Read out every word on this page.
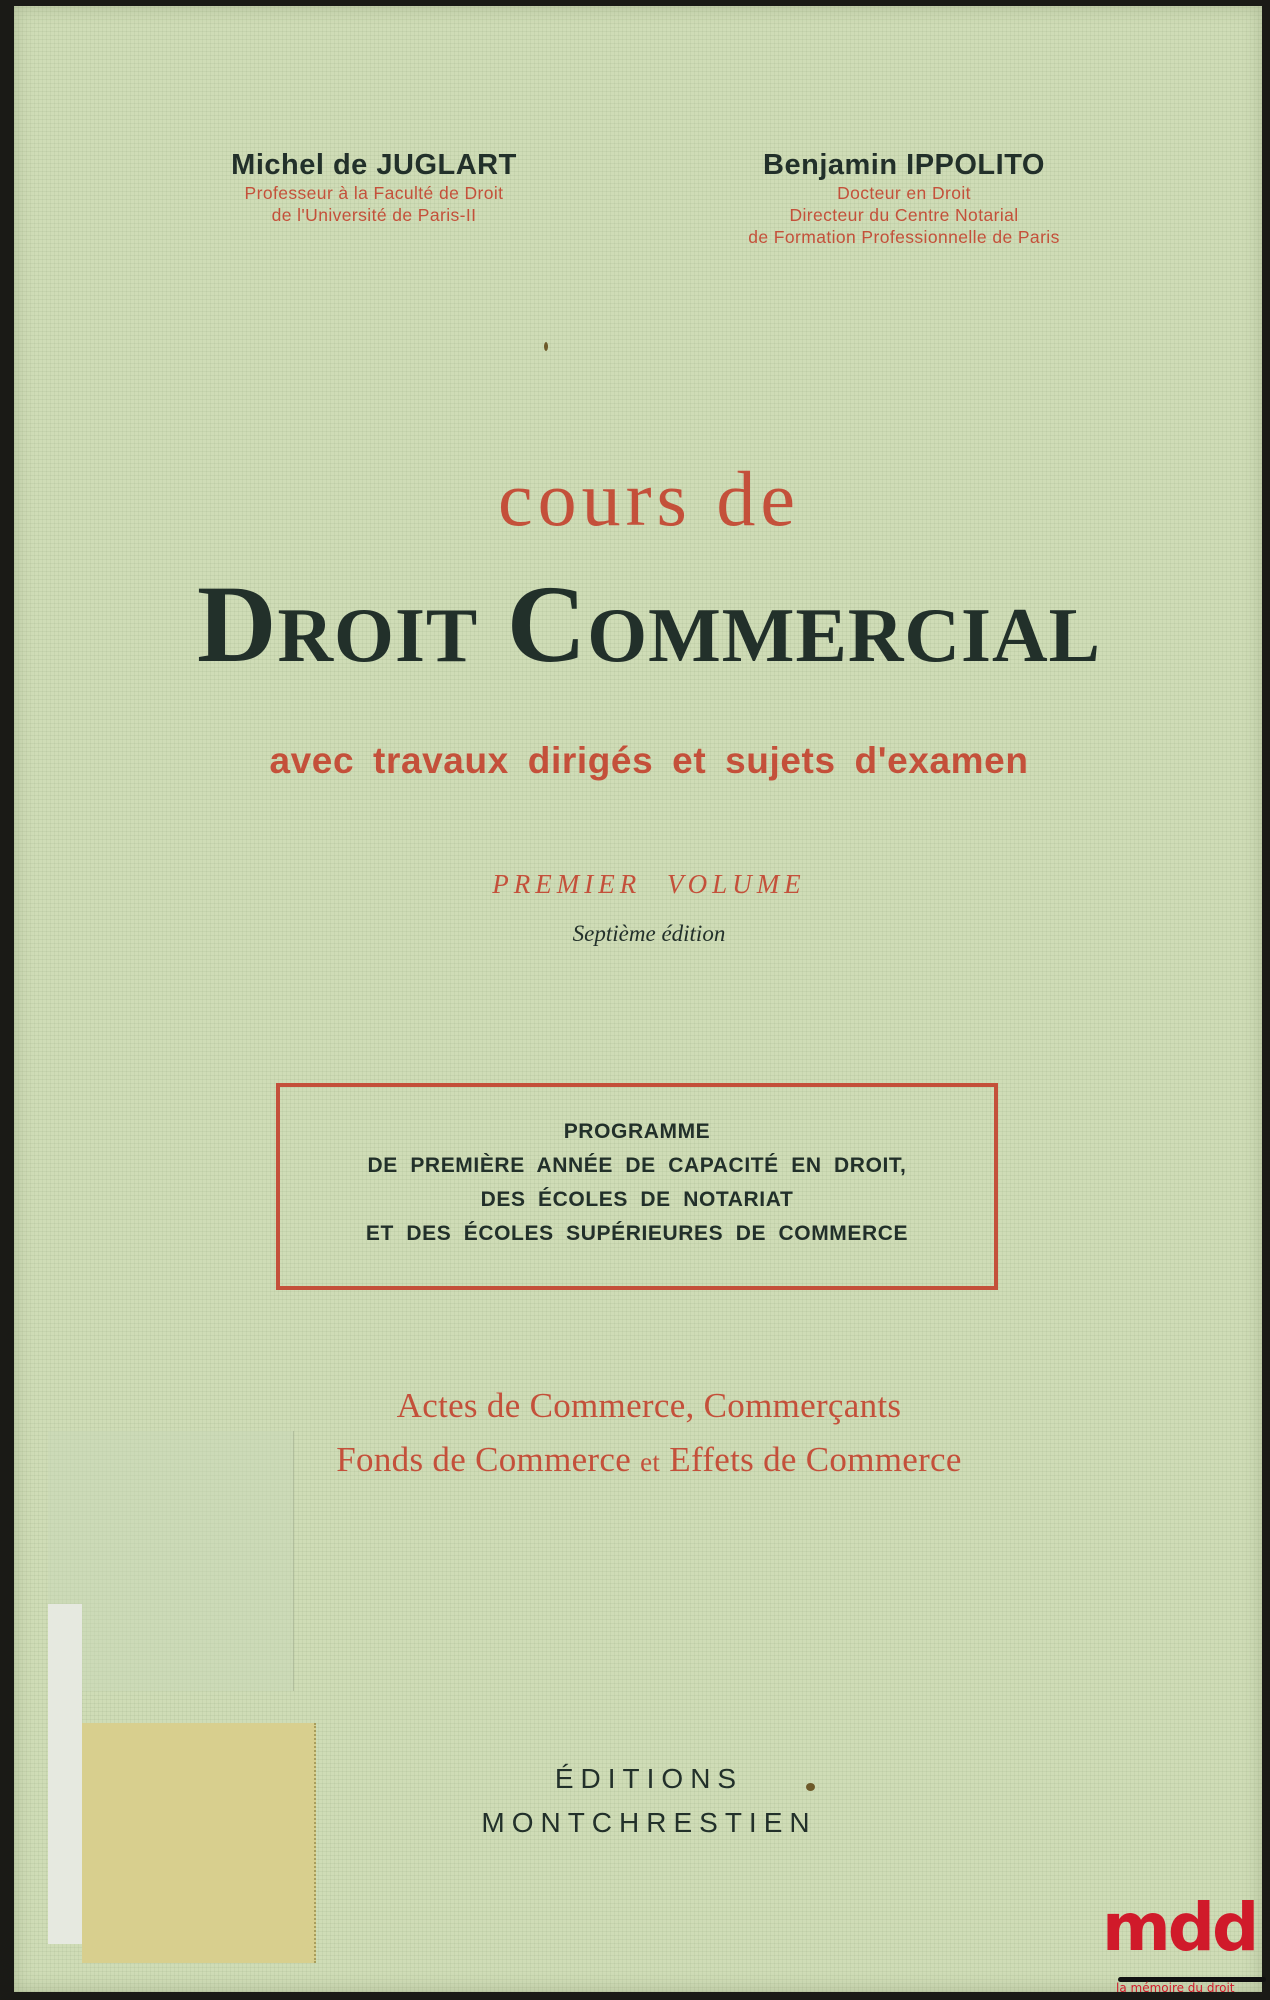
Michel de JUGLART
Professeur à la Faculté de Droit
de l'Université de Paris-II
Benjamin IPPOLITO
Docteur en Droit
Directeur du Centre Notarial
de Formation Professionnelle de Paris
cours de
Droit Commercial
avec travaux dirigés et sujets d'examen
PREMIER VOLUME
Septième édition
PROGRAMME
DE PREMIÈRE ANNÉE DE CAPACITÉ EN DROIT,
DES ÉCOLES DE NOTARIAT
ET DES ÉCOLES SUPÉRIEURES DE COMMERCE
Actes de Commerce, Commerçants
Fonds de Commerce et Effets de Commerce
ÉDITIONS
MONTCHRESTIEN
mdd
la mémoire du droit
